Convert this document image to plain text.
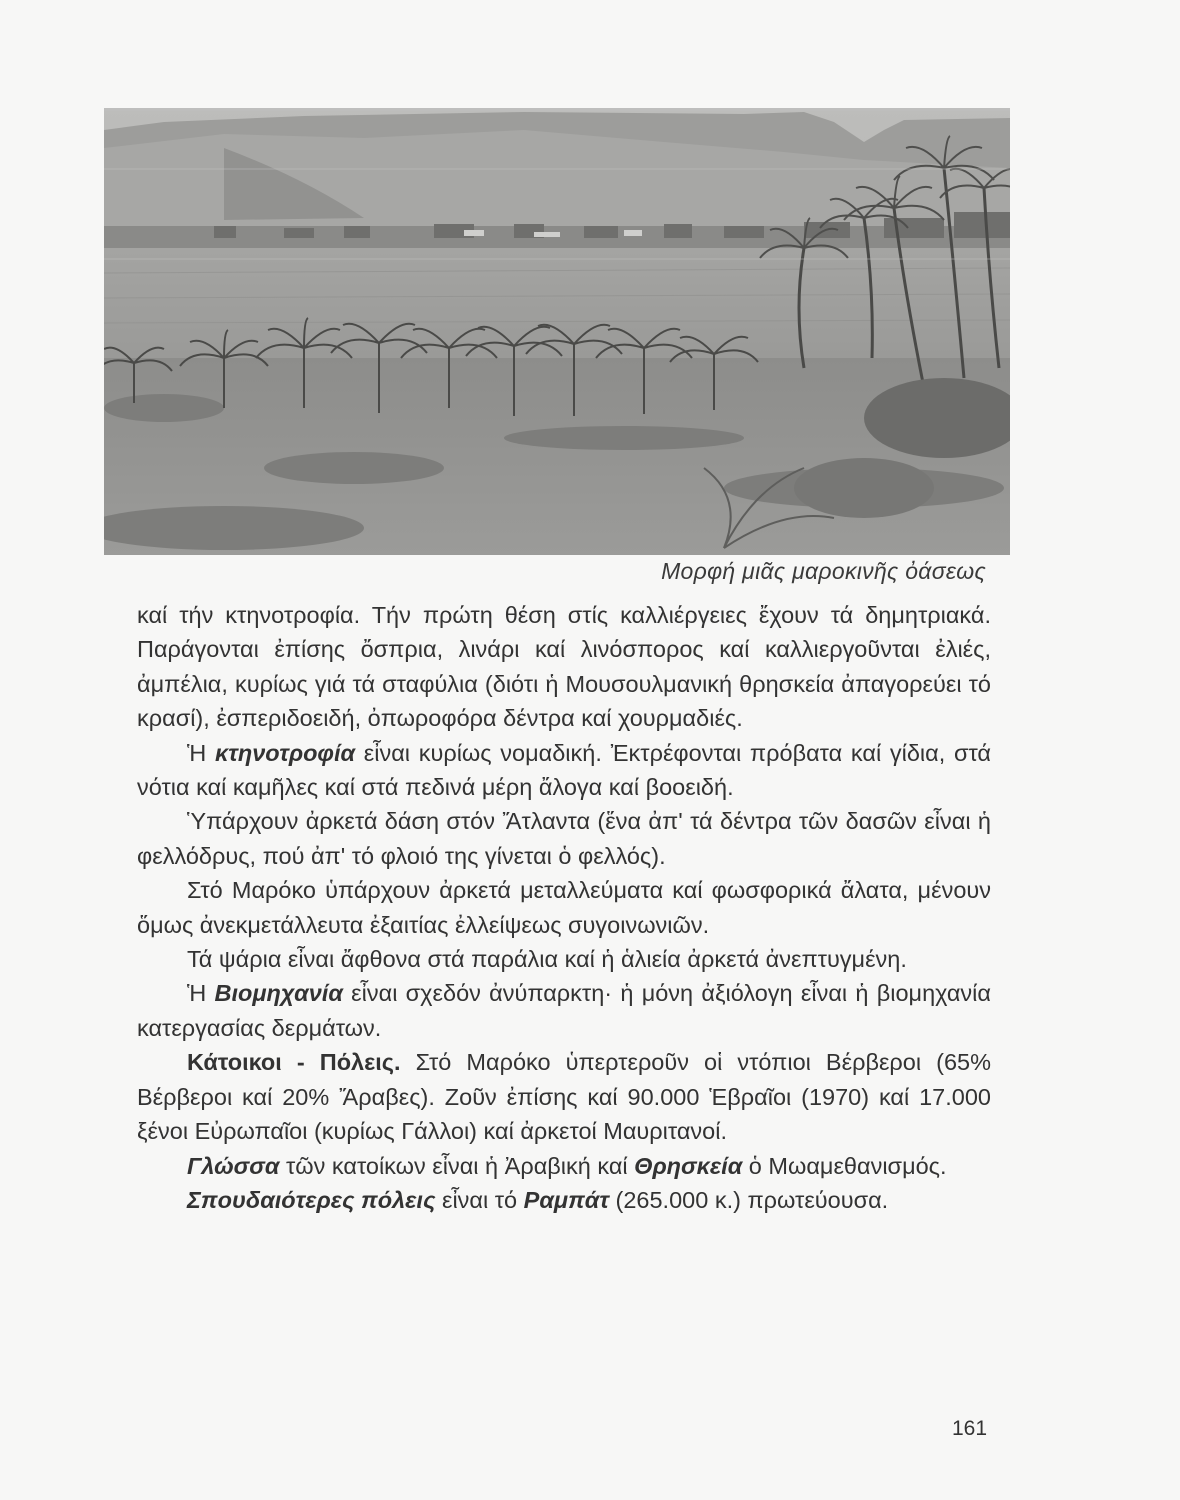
Μορφή μιᾶς μαροκινῆς ὀάσεως

καί τήν κτηνοτροφία. Τήν πρώτη θέση στίς καλλιέργειες ἔχουν τά δημητριακά. Παράγονται ἐπίσης ὄσπρια, λινάρι καί λινόσπορος καί καλλιεργοῦνται ἐλιές, ἀμπέλια, κυρίως γιά τά σταφύλια (διότι ἡ Μουσουλμανική θρησκεία ἀπαγορεύει τό κρασί), ἐσπεριδοειδή, ὀπωροφόρα δέντρα καί χουρμαδιές.

Ἡ κτηνοτροφία εἶναι κυρίως νομαδική. Ἐκτρέφονται πρόβατα καί γίδια, στά νότια καί καμῆλες καί στά πεδινά μέρη ἄλογα καί βοοειδή.

Ὑπάρχουν ἀρκετά δάση στόν Ἄτλαντα (ἕνα ἀπ' τά δέντρα τῶν δασῶν εἶναι ἡ φελλόδρυς, πού ἀπ' τό φλοιό της γίνεται ὁ φελλός).

Στό Μαρόκο ὑπάρχουν ἀρκετά μεταλλεύματα καί φωσφορικά ἄλατα, μένουν ὅμως ἀνεκμετάλλευτα ἐξαιτίας ἐλλείψεως συγοινωνιῶν.

Τά ψάρια εἶναι ἄφθονα στά παράλια καί ἡ ἁλιεία ἀρκετά ἀνεπτυγμένη.

Ἡ Βιομηχανία εἶναι σχεδόν ἀνύπαρκτη· ἡ μόνη ἀξιόλογη εἶναι ἡ βιομηχανία κατεργασίας δερμάτων.

Κάτοικοι - Πόλεις. Στό Μαρόκο ὑπερτεροῦν οἱ ντόπιοι Βέρβεροι (65% Βέρβεροι καί 20% Ἄραβες). Ζοῦν ἐπίσης καί 90.000 Ἑβραῖοι (1970) καί 17.000 ξένοι Εὐρωπαῖοι (κυρίως Γάλλοι) καί ἀρκετοί Μαυριτανοί.

Γλώσσα τῶν κατοίκων εἶναι ἡ Ἀραβική καί Θρησκεία ὁ Μωαμεθανισμός.

Σπουδαιότερες πόλεις εἶναι τό Ραμπάτ (265.000 κ.) πρωτεύουσα.

161
